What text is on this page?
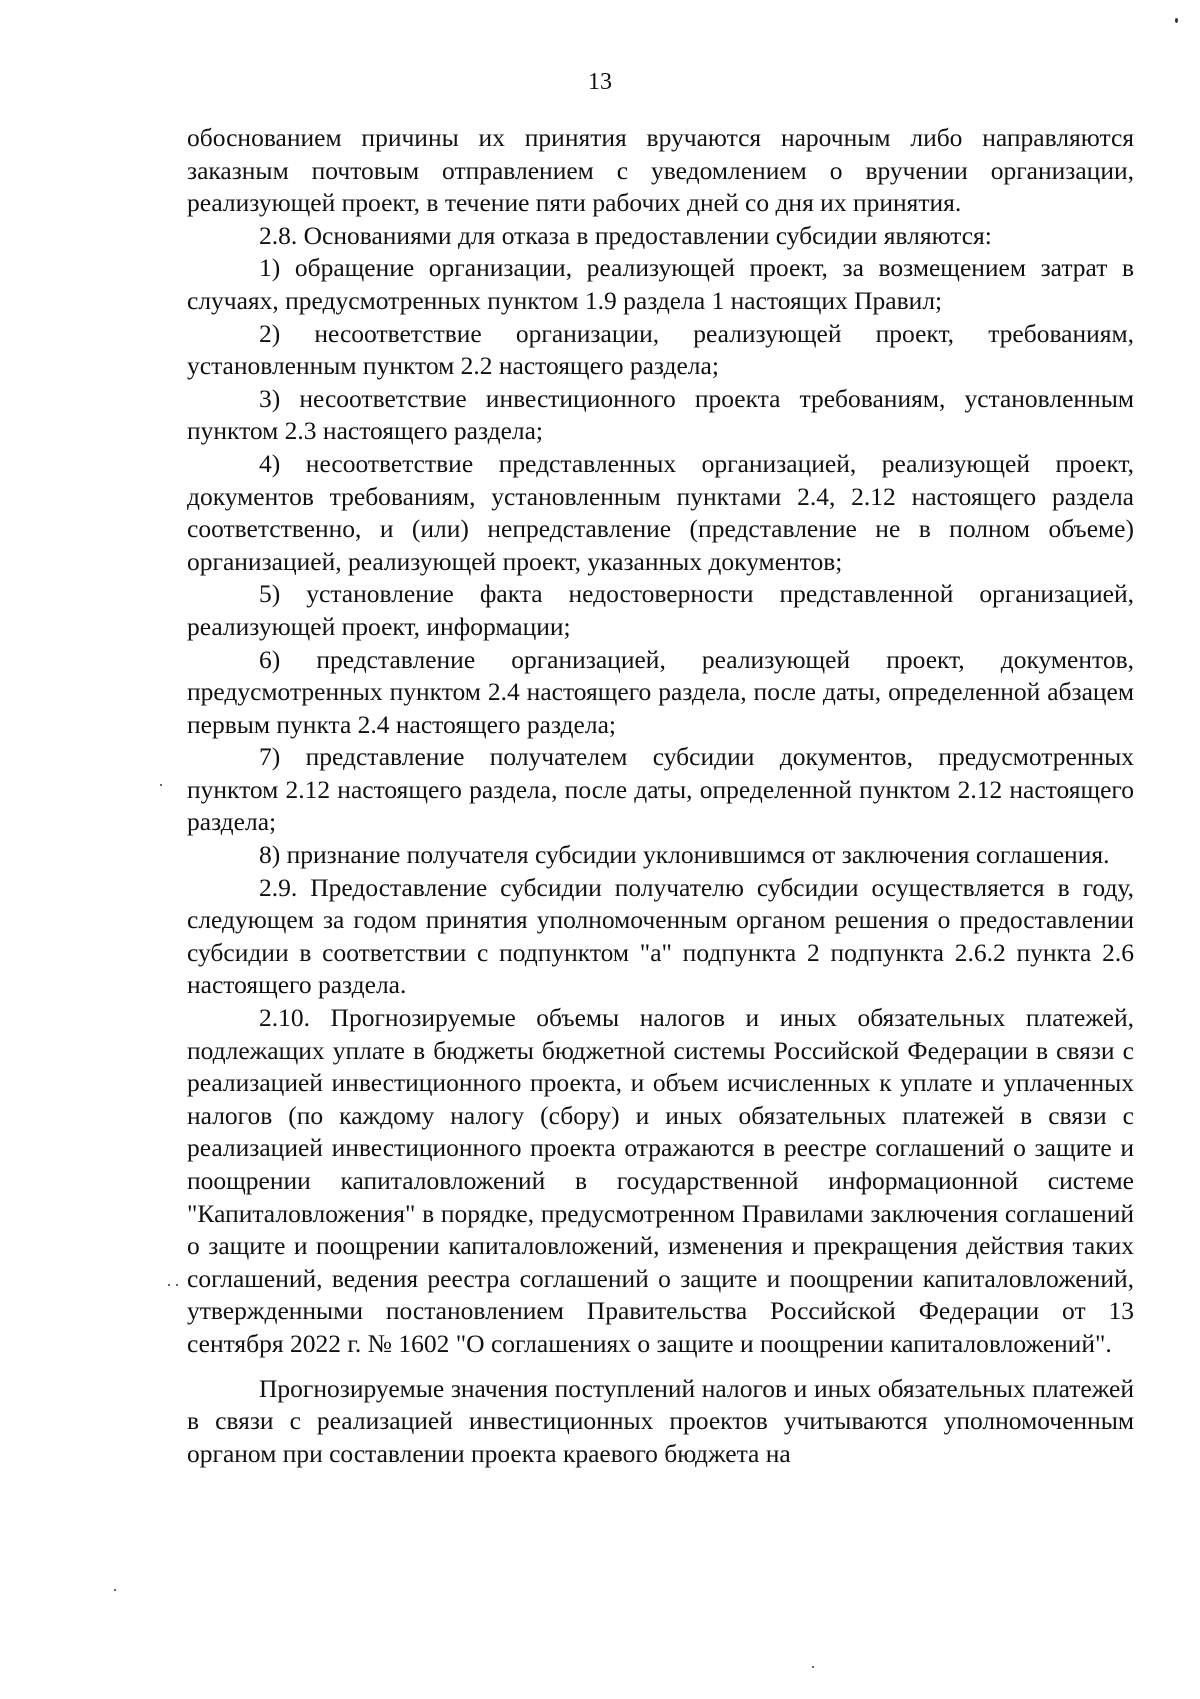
13

обоснованием причины их принятия вручаются нарочным либо направляются заказным почтовым отправлением с уведомлением о вручении организации, реализующей проект, в течение пяти рабочих дней со дня их принятия.

2.8. Основаниями для отказа в предоставлении субсидии являются:

1) обращение организации, реализующей проект, за возмещением затрат в случаях, предусмотренных пунктом 1.9 раздела 1 настоящих Правил;

2) несоответствие организации, реализующей проект, требованиям, установленным пунктом 2.2 настоящего раздела;

3) несоответствие инвестиционного проекта требованиям, установленным пунктом 2.3 настоящего раздела;

4) несоответствие представленных организацией, реализующей проект, документов требованиям, установленным пунктами 2.4, 2.12 настоящего раздела соответственно, и (или) непредставление (представление не в полном объеме) организацией, реализующей проект, указанных документов;

5) установление факта недостоверности представленной организацией, реализующей проект, информации;

6) представление организацией, реализующей проект, документов, предусмотренных пунктом 2.4 настоящего раздела, после даты, определенной абзацем первым пункта 2.4 настоящего раздела;

7) представление получателем субсидии документов, предусмотренных пунктом 2.12 настоящего раздела, после даты, определенной пунктом 2.12 настоящего раздела;

8) признание получателя субсидии уклонившимся от заключения соглашения.

2.9. Предоставление субсидии получателю субсидии осуществляется в году, следующем за годом принятия уполномоченным органом решения о предоставлении субсидии в соответствии с подпунктом "а" подпункта 2 подпункта 2.6.2 пункта 2.6 настоящего раздела.

2.10. Прогнозируемые объемы налогов и иных обязательных платежей, подлежащих уплате в бюджеты бюджетной системы Российской Федерации в связи с реализацией инвестиционного проекта, и объем исчисленных к уплате и уплаченных налогов (по каждому налогу (сбору) и иных обязательных платежей в связи с реализацией инвестиционного проекта отражаются в реестре соглашений о защите и поощрении капиталовложений в государственной информационной системе "Капиталовложения" в порядке, предусмотренном Правилами заключения соглашений о защите и поощрении капиталовложений, изменения и прекращения действия таких соглашений, ведения реестра соглашений о защите и поощрении капиталовложений, утвержденными постановлением Правительства Российской Федерации от 13 сентября 2022 г. № 1602 "О соглашениях о защите и поощрении капиталовложений".

Прогнозируемые значения поступлений налогов и иных обязательных платежей в связи с реализацией инвестиционных проектов учитываются уполномоченным органом при составлении проекта краевого бюджета на
